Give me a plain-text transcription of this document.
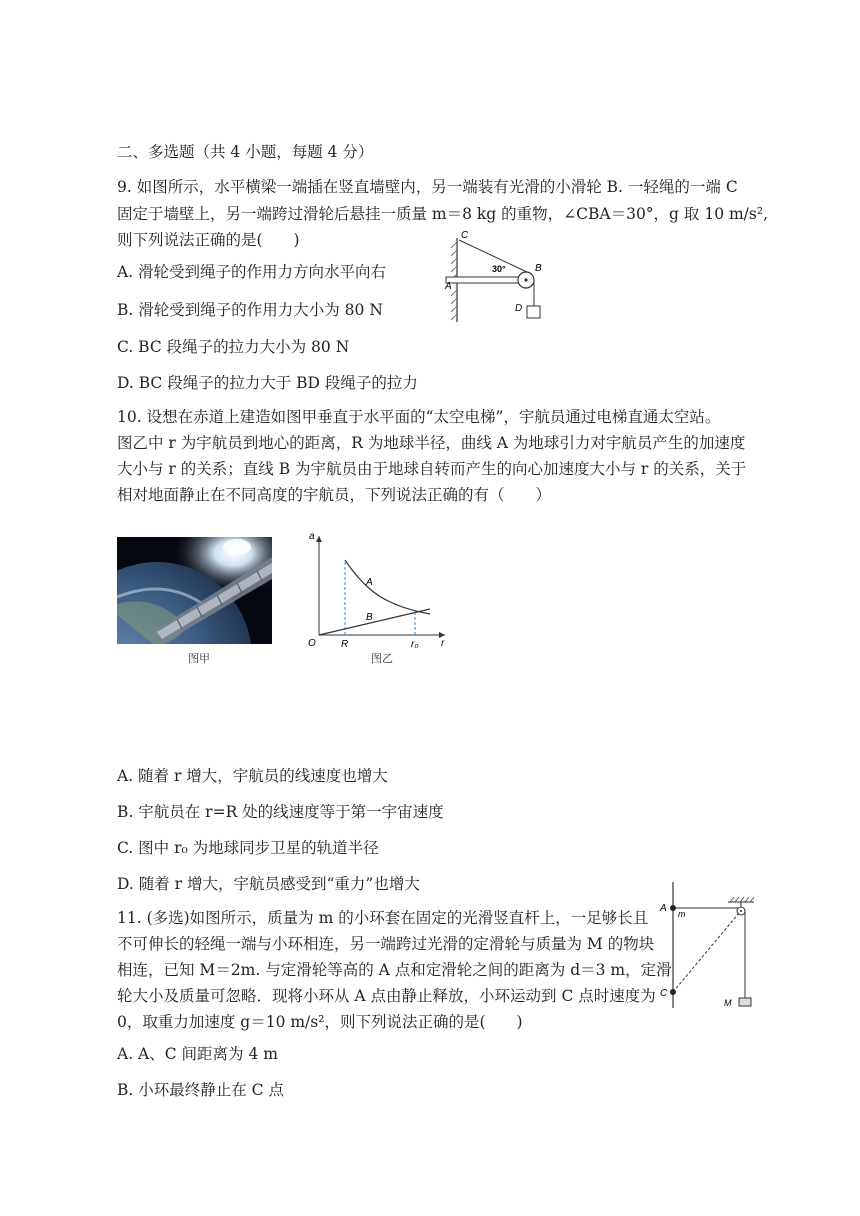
二、多选题（共 4 小题，每题 4 分）
9. 如图所示，水平横梁一端插在竖直墙壁内，另一端装有光滑的小滑轮 B. 一轻绳的一端 C
固定于墙壁上，另一端跨过滑轮后悬挂一质量 m＝8 kg 的重物，∠CBA＝30°，g 取 10 m/s²,
则下列说法正确的是(　　)
A. 滑轮受到绳子的作用力方向水平向右
B. 滑轮受到绳子的作用力大小为 80 N
C. BC 段绳子的拉力大小为 80 N
D. BC 段绳子的拉力大于 BD 段绳子的拉力
C
A
B
D
30°
10. 设想在赤道上建造如图甲垂直于水平面的“太空电梯”，宇航员通过电梯直通太空站。
图乙中 r 为宇航员到地心的距离，R 为地球半径，曲线 A 为地球引力对宇航员产生的加速度
大小与 r 的关系；直线 B 为宇航员由于地球自转而产生的向心加速度大小与 r 的关系，关于
相对地面静止在不同高度的宇航员，下列说法正确的有（　　）
图甲
a
O	R	r₀ r
A
B
图乙
A. 随着 r 增大，宇航员的线速度也增大
B. 宇航员在 r=R 处的线速度等于第一宇宙速度
C. 图中 r₀ 为地球同步卫星的轨道半径
D. 随着 r 增大，宇航员感受到“重力”也增大
11. (多选)如图所示，质量为 m 的小环套在固定的光滑竖直杆上，一足够长且
不可伸长的轻绳一端与小环相连，另一端跨过光滑的定滑轮与质量为 M 的物块
相连，已知 M＝2m. 与定滑轮等高的 A 点和定滑轮之间的距离为 d＝3 m，定滑
轮大小及质量可忽略．现将小环从 A 点由静止释放，小环运动到 C 点时速度为
0，取重力加速度 g＝10 m/s²，则下列说法正确的是(　　)
A. A、C 间距离为 4 m
B. 小环最终静止在 C 点
A m
C
M
